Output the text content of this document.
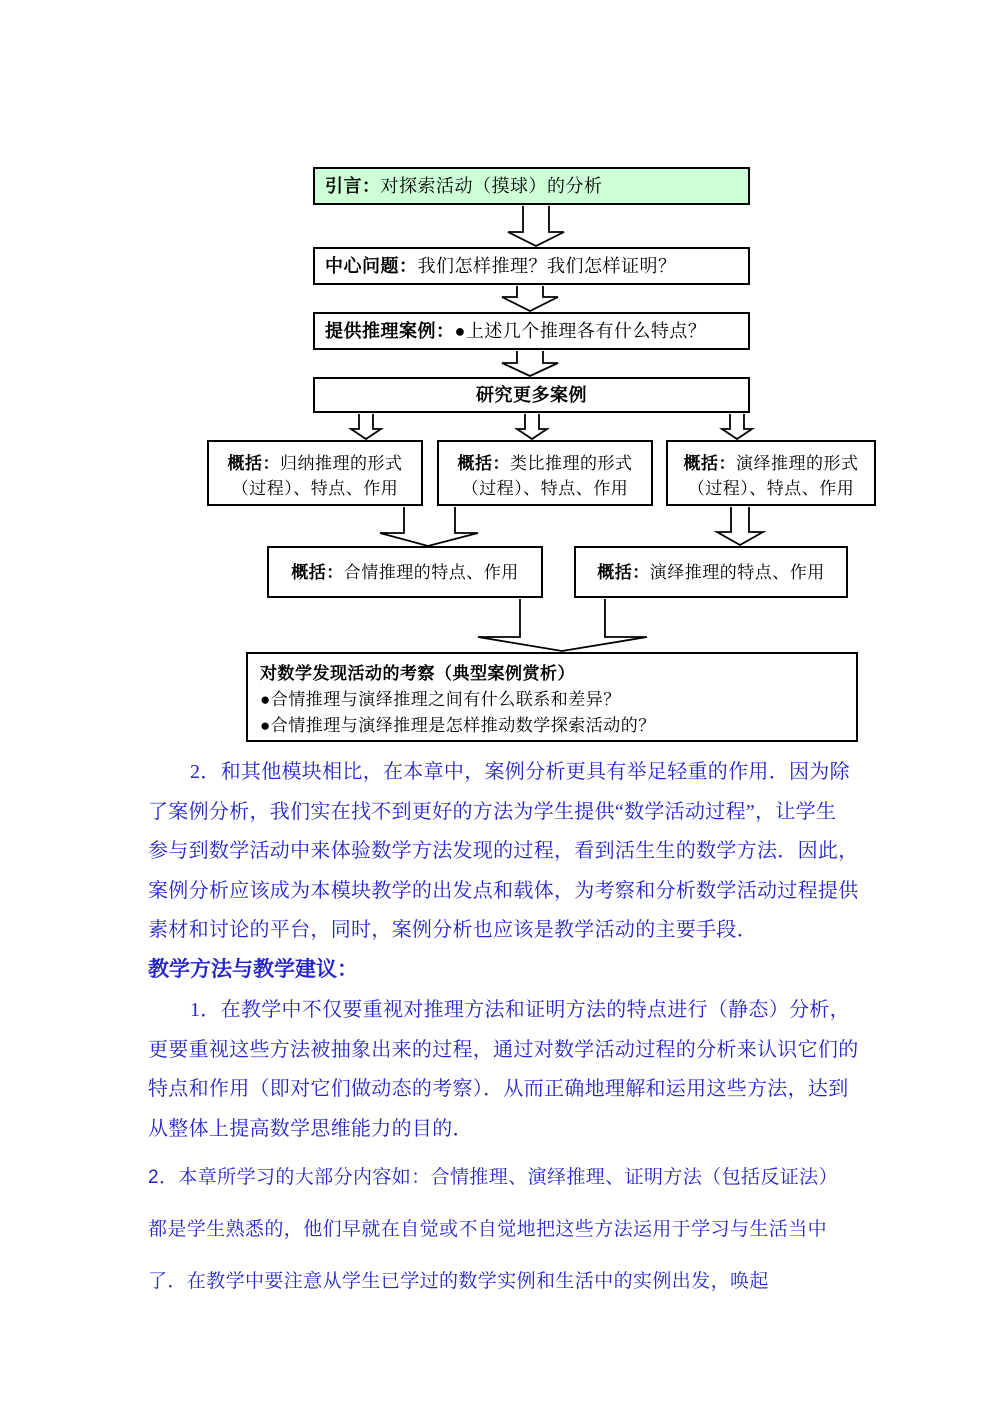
引言： 对探索活动（摸球）的分析
中心问题： 我们怎样推理？我们怎样证明？
提供推理案例： ●上述几个推理各有什么特点？
研究更多案例
概括：归纳推理的形式
（过程）、特点、作用
概括：类比推理的形式
（过程）、特点、作用
概括：演绎推理的形式
（过程）、特点、作用
概括： 合情推理的特点、作用	概括： 演绎推理的特点、作用
对数学发现活动的考察（典型案例赏析）
●合情推理与演绎推理之间有什么联系和差异？
●合情推理与演绎推理是怎样推动数学探索活动的？
2．和其他模块相比，在本章中，案例分析更具有举足轻重的作用．因为除
了案例分析，我们实在找不到更好的方法为学生提供“数学活动过程”，让学生
参与到数学活动中来体验数学方法发现的过程，看到活生生的数学方法．因此，
案例分析应该成为本模块教学的出发点和载体，为考察和分析数学活动过程提供
素材和讨论的平台，同时，案例分析也应该是教学活动的主要手段．
教学方法与教学建议：
1．在教学中不仅要重视对推理方法和证明方法的特点进行（静态）分析，
更要重视这些方法被抽象出来的过程，通过对数学活动过程的分析来认识它们的
特点和作用（即对它们做动态的考察）．从而正确地理解和运用这些方法，达到
从整体上提高数学思维能力的目的．
2．本章所学习的大部分内容如：合情推理、演绎推理、证明方法（包括反证法）
都是学生熟悉的，他们早就在自觉或不自觉地把这些方法运用于学习与生活当中
了．在教学中要注意从学生已学过的数学实例和生活中的实例出发，唤起
